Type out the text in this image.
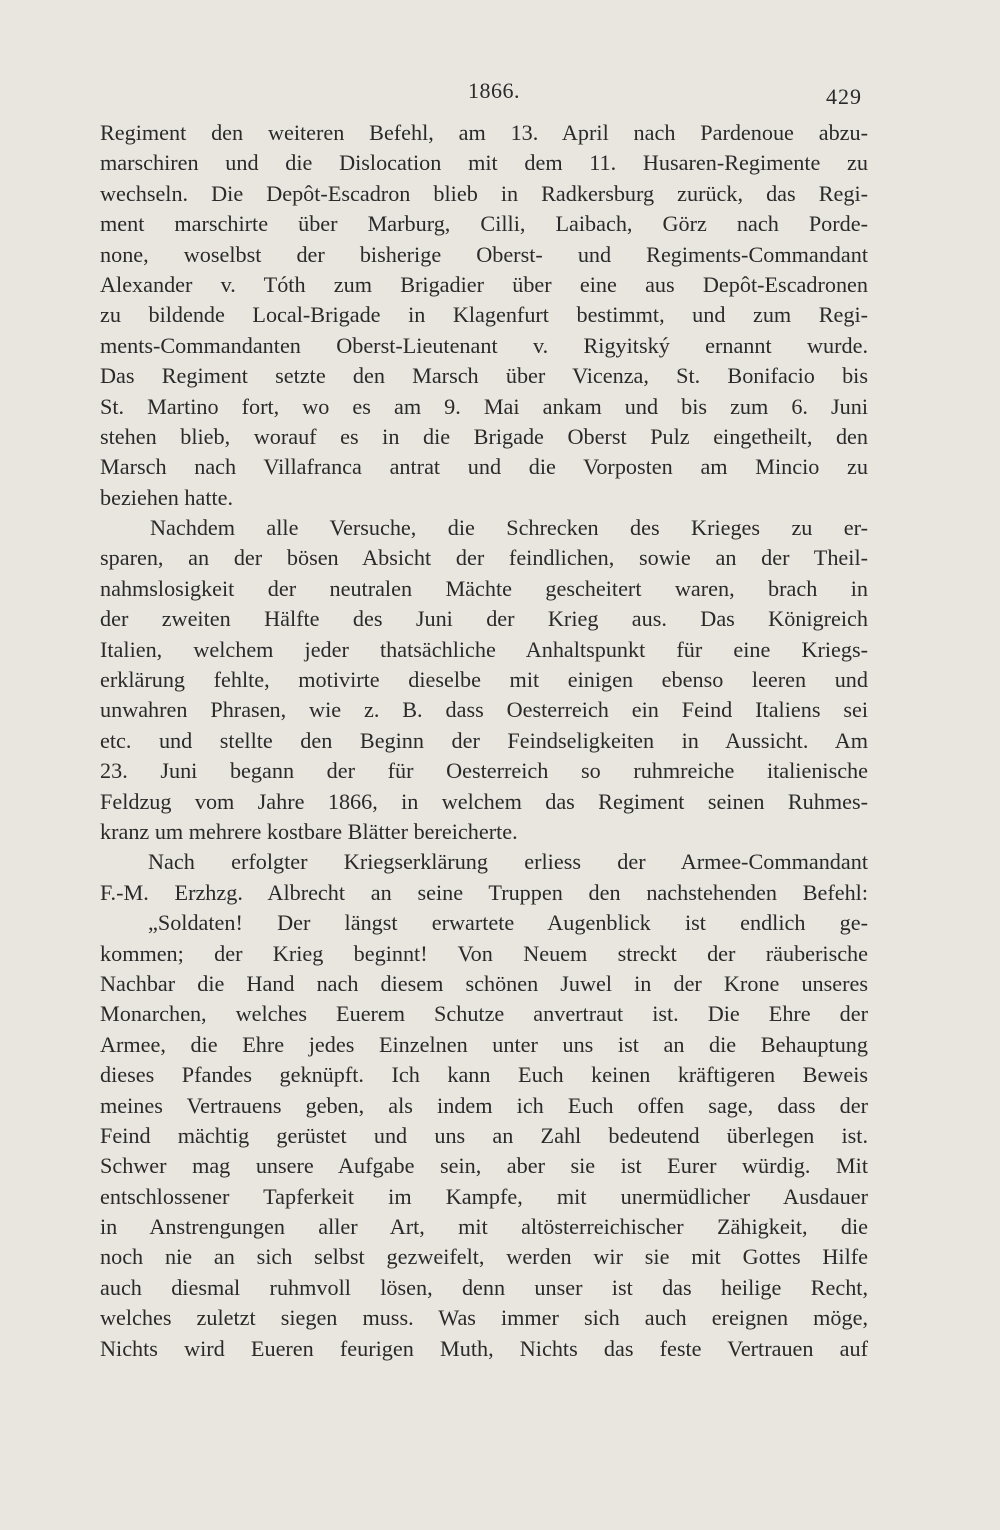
1866.	429
Regiment den weiteren Befehl, am 13. April nach Pardenoue abzu-
marschiren und die Dislocation mit dem 11. Husaren-Regimente zu
wechseln. Die Depôt-Escadron blieb in Radkersburg zurück, das Regi-
ment marschirte über Marburg, Cilli, Laibach, Görz nach Porde-
none, woselbst der bisherige Oberst- und Regiments-Commandant
Alexander v. Tóth zum Brigadier über eine aus Depôt-Escadronen
zu bildende Local-Brigade in Klagenfurt bestimmt, und zum Regi-
ments-Commandanten Oberst-Lieutenant v. Rigyitský ernannt wurde.
Das Regiment setzte den Marsch über Vicenza, St. Bonifacio bis
St. Martino fort, wo es am 9. Mai ankam und bis zum 6. Juni
stehen blieb, worauf es in die Brigade Oberst Pulz eingetheilt, den
Marsch nach Villafranca antrat und die Vorposten am Mincio zu
beziehen hatte.
Nachdem alle Versuche, die Schrecken des Krieges zu er-
sparen, an der bösen Absicht der feindlichen, sowie an der Theil-
nahmslosigkeit der neutralen Mächte gescheitert waren, brach in
der zweiten Hälfte des Juni der Krieg aus. Das Königreich
Italien, welchem jeder thatsächliche Anhaltspunkt für eine Kriegs-
erklärung fehlte, motivirte dieselbe mit einigen ebenso leeren und
unwahren Phrasen, wie z. B. dass Oesterreich ein Feind Italiens sei
etc. und stellte den Beginn der Feindseligkeiten in Aussicht. Am
23. Juni begann der für Oesterreich so ruhmreiche italienische
Feldzug vom Jahre 1866, in welchem das Regiment seinen Ruhmes-
kranz um mehrere kostbare Blätter bereicherte.
Nach erfolgter Kriegserklärung erliess der Armee-Commandant
F.-M. Erzhzg. Albrecht an seine Truppen den nachstehenden Befehl:
„Soldaten! Der längst erwartete Augenblick ist endlich ge-
kommen; der Krieg beginnt! Von Neuem streckt der räuberische
Nachbar die Hand nach diesem schönen Juwel in der Krone unseres
Monarchen, welches Euerem Schutze anvertraut ist. Die Ehre der
Armee, die Ehre jedes Einzelnen unter uns ist an die Behauptung
dieses Pfandes geknüpft. Ich kann Euch keinen kräftigeren Beweis
meines Vertrauens geben, als indem ich Euch offen sage, dass der
Feind mächtig gerüstet und uns an Zahl bedeutend überlegen ist.
Schwer mag unsere Aufgabe sein, aber sie ist Eurer würdig. Mit
entschlossener Tapferkeit im Kampfe, mit unermüdlicher Ausdauer
in Anstrengungen aller Art, mit altösterreichischer Zähigkeit, die
noch nie an sich selbst gezweifelt, werden wir sie mit Gottes Hilfe
auch diesmal ruhmvoll lösen, denn unser ist das heilige Recht,
welches zuletzt siegen muss. Was immer sich auch ereignen möge,
Nichts wird Eueren feurigen Muth, Nichts das feste Vertrauen auf
